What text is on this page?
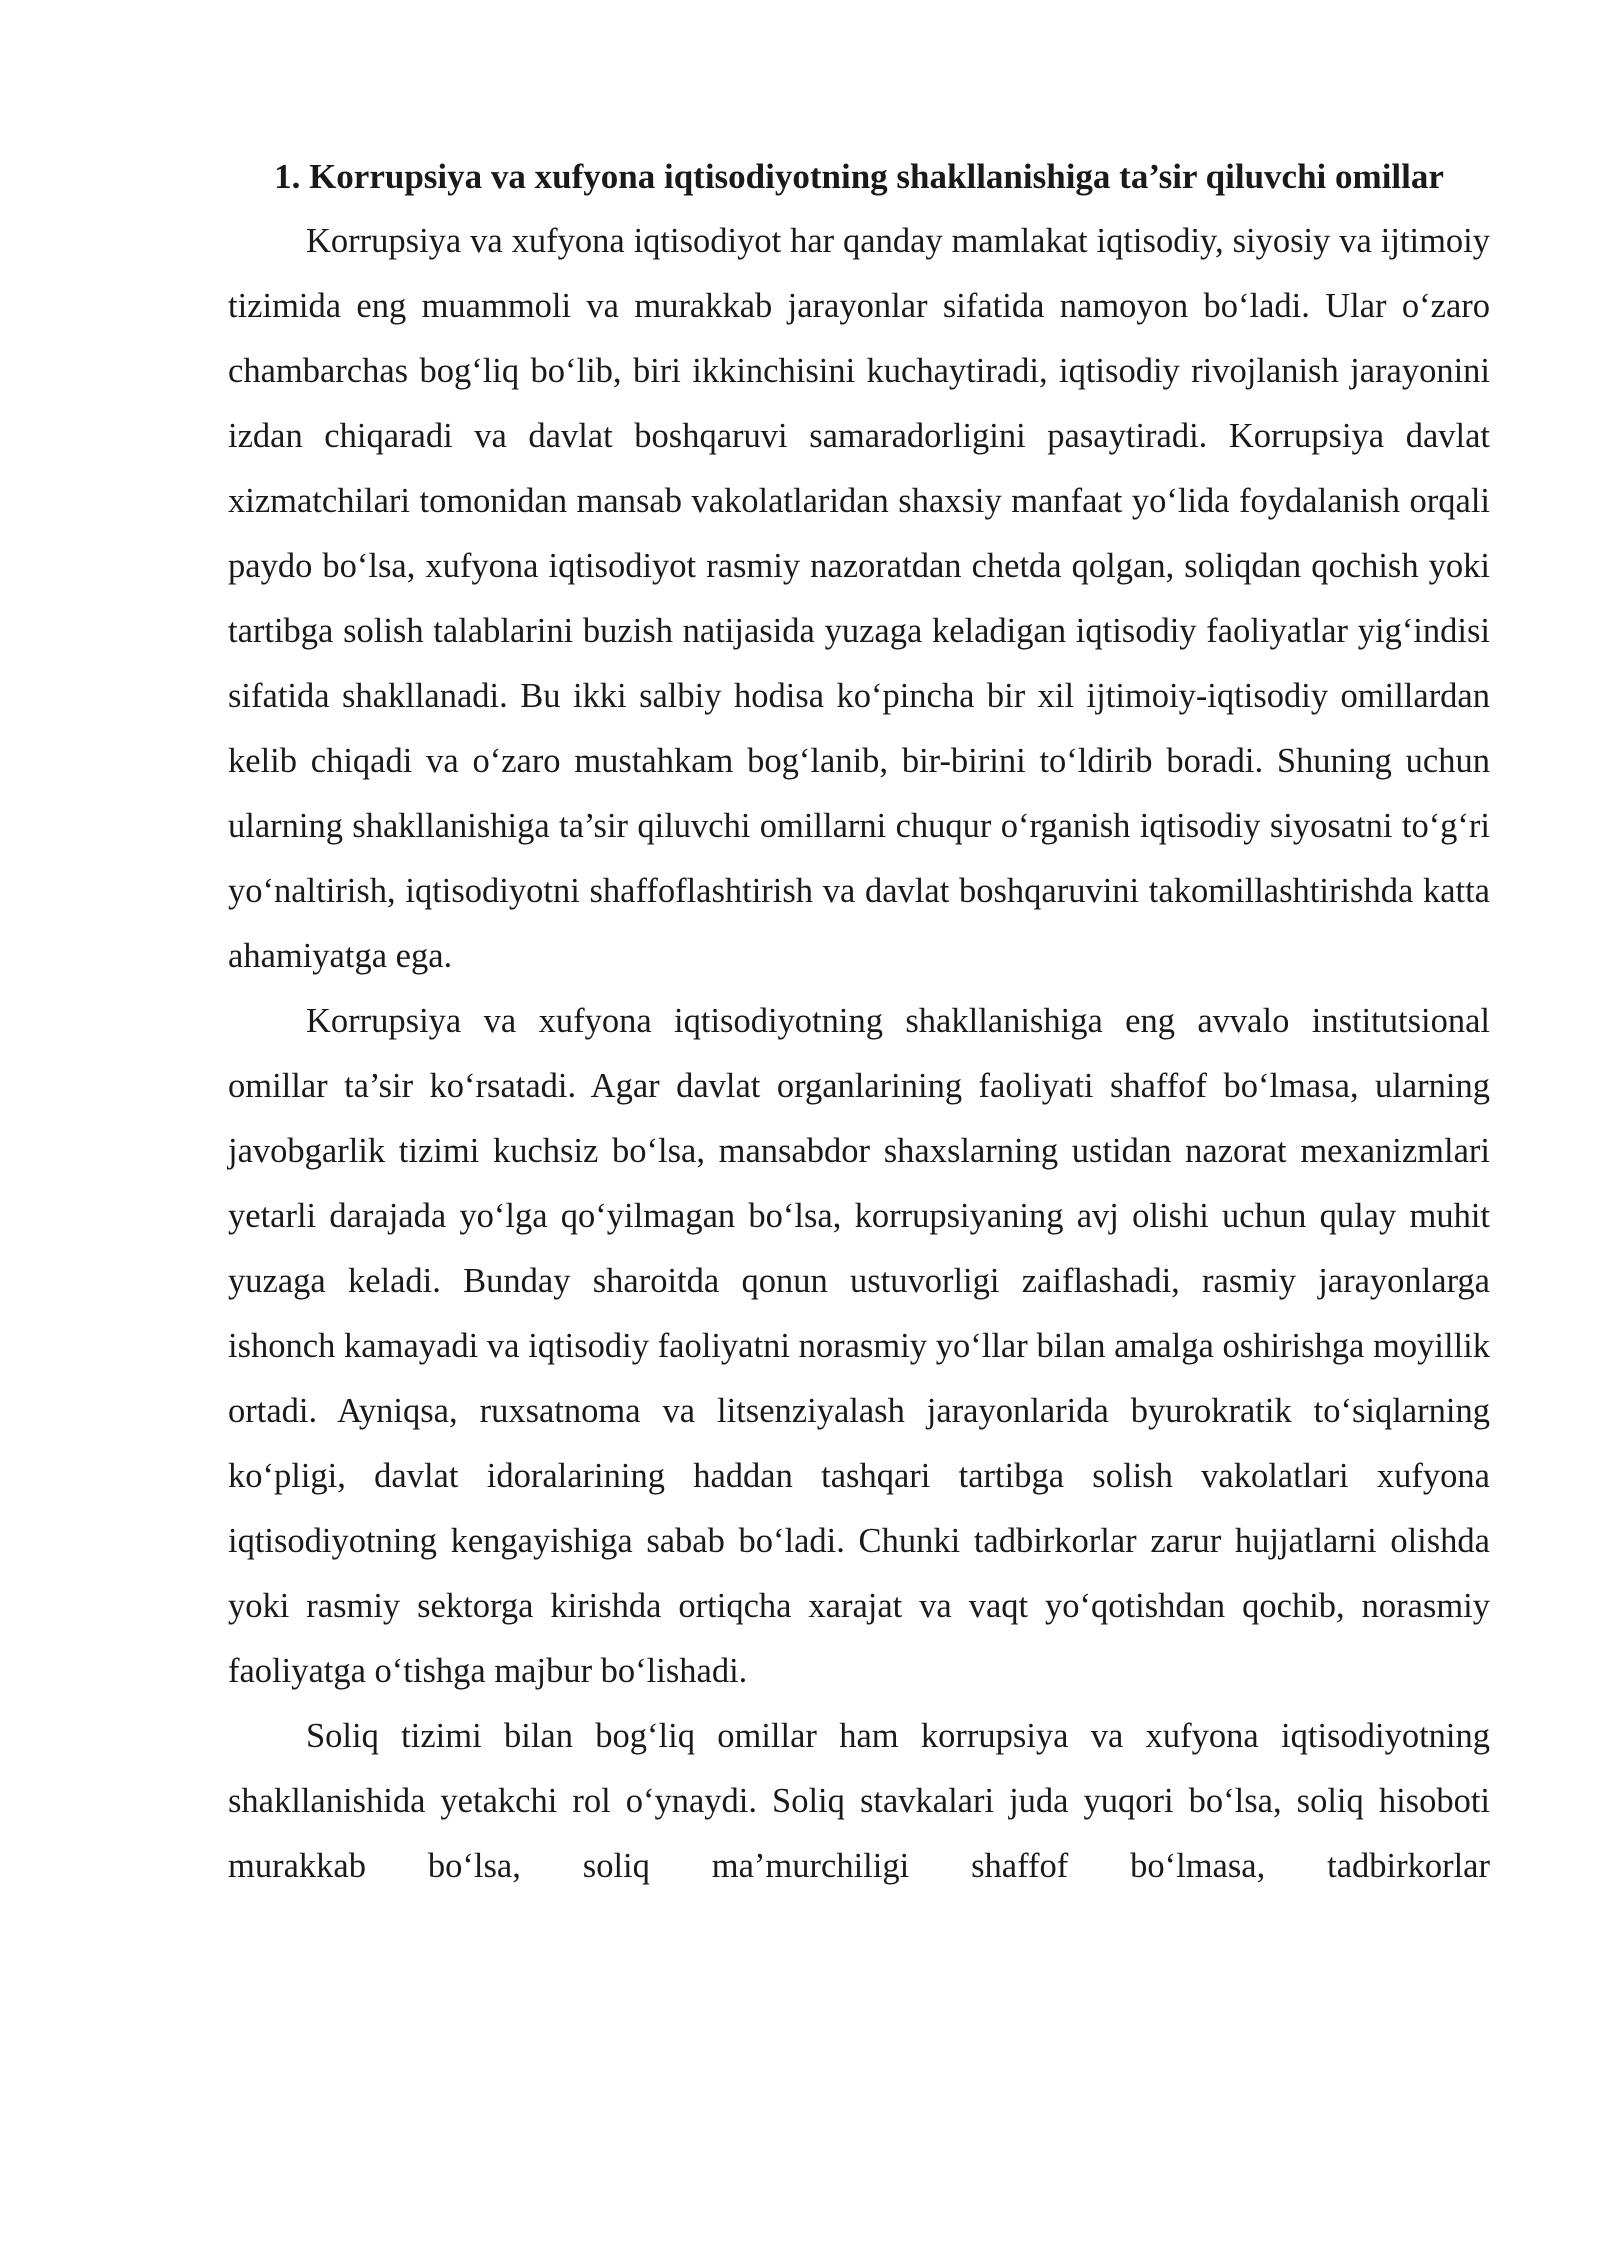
1. Korrupsiya va xufyona iqtisodiyotning shakllanishiga ta’sir qiluvchi omillar

Korrupsiya va xufyona iqtisodiyot har qanday mamlakat iqtisodiy, siyosiy va ijtimoiy tizimida eng muammoli va murakkab jarayonlar sifatida namoyon bo‘ladi. Ular o‘zaro chambarchas bog‘liq bo‘lib, biri ikkinchisini kuchaytiradi, iqtisodiy rivojlanish jarayonini izdan chiqaradi va davlat boshqaruvi samaradorligini pasaytiradi. Korrupsiya davlat xizmatchilari tomonidan mansab vakolatlaridan shaxsiy manfaat yo‘lida foydalanish orqali paydo bo‘lsa, xufyona iqtisodiyot rasmiy nazoratdan chetda qolgan, soliqdan qochish yoki tartibga solish talablarini buzish natijasida yuzaga keladigan iqtisodiy faoliyatlar yig‘indisi sifatida shakllanadi. Bu ikki salbiy hodisa ko‘pincha bir xil ijtimoiy-iqtisodiy omillardan kelib chiqadi va o‘zaro mustahkam bog‘lanib, bir-birini to‘ldirib boradi. Shuning uchun ularning shakllanishiga ta’sir qiluvchi omillarni chuqur o‘rganish iqtisodiy siyosatni to‘g‘ri yo‘naltirish, iqtisodiyotni shaffoflashtirish va davlat boshqaruvini takomillashtirishda katta ahamiyatga ega.

Korrupsiya va xufyona iqtisodiyotning shakllanishiga eng avvalo institutsional omillar ta’sir ko‘rsatadi. Agar davlat organlarining faoliyati shaffof bo‘lmasa, ularning javobgarlik tizimi kuchsiz bo‘lsa, mansabdor shaxslarning ustidan nazorat mexanizmlari yetarli darajada yo‘lga qo‘yilmagan bo‘lsa, korrupsiyaning avj olishi uchun qulay muhit yuzaga keladi. Bunday sharoitda qonun ustuvorligi zaiflashadi, rasmiy jarayonlarga ishonch kamayadi va iqtisodiy faoliyatni norasmiy yo‘llar bilan amalga oshirishga moyillik ortadi. Ayniqsa, ruxsatnoma va litsenziyalash jarayonlarida byurokratik to‘siqlarning ko‘pligi, davlat idoralarining haddan tashqari tartibga solish vakolatlari xufyona iqtisodiyotning kengayishiga sabab bo‘ladi. Chunki tadbirkorlar zarur hujjatlarni olishda yoki rasmiy sektorga kirishda ortiqcha xarajat va vaqt yo‘qotishdan qochib, norasmiy faoliyatga o‘tishga majbur bo‘lishadi.

Soliq tizimi bilan bog‘liq omillar ham korrupsiya va xufyona iqtisodiyotning shakllanishida yetakchi rol o‘ynaydi. Soliq stavkalari juda yuqori bo‘lsa, soliq hisoboti murakkab bo‘lsa, soliq ma’murchiligi shaffof bo‘lmasa, tadbirkorlar
